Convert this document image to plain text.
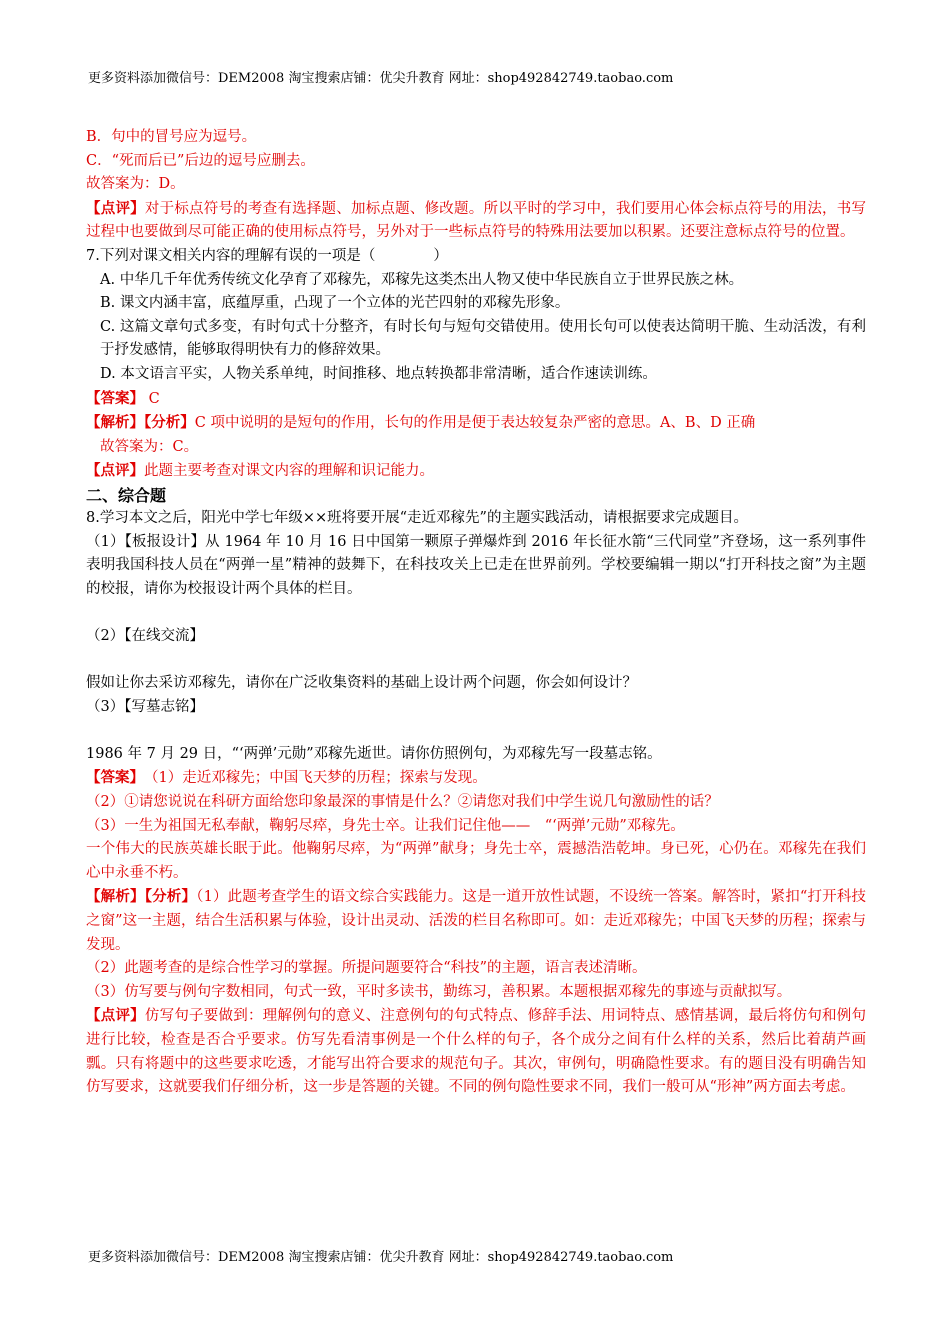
更多资料添加微信号：DEM2008 淘宝搜索店铺：优尖升教育 网址：shop492842749.taobao.com

B．句中的冒号应为逗号。

C．“死而后已”后边的逗号应删去。

故答案为：D。

【点评】对于标点符号的考查有选择题、加标点题、修改题。所以平时的学习中，我们要用心体会标点符号的用法，书写过程中也要做到尽可能正确的使用标点符号，另外对于一些标点符号的特殊用法要加以积累。还要注意标点符号的位置。

7.下列对课文相关内容的理解有误的一项是（　　　　）

A. 中华几千年优秀传统文化孕育了邓稼先，邓稼先这类杰出人物又使中华民族自立于世界民族之林。

B. 课文内涵丰富，底蕴厚重，凸现了一个立体的光芒四射的邓稼先形象。

C. 这篇文章句式多变，有时句式十分整齐，有时长句与短句交错使用。使用长句可以使表达简明干脆、生动活泼，有利于抒发感情，能够取得明快有力的修辞效果。

D. 本文语言平实，人物关系单纯，时间推移、地点转换都非常清晰，适合作速读训练。

【答案】 C

【解析】【分析】C 项中说明的是短句的作用，长句的作用是便于表达较复杂严密的意思。A、B、D 正确

故答案为：C。

【点评】此题主要考查对课文内容的理解和识记能力。

二、综合题

8.学习本文之后，阳光中学七年级××班将要开展“走近邓稼先”的主题实践活动，请根据要求完成题目。

（1）【板报设计】从 1964 年 10 月 16 日中国第一颗原子弹爆炸到 2016 年长征水箭“三代同堂”齐登场，这一系列事件表明我国科技人员在“两弹一星”精神的鼓舞下，在科技攻关上已走在世界前列。学校要编辑一期以“打开科技之窗”为主题的校报，请你为校报设计两个具体的栏目。

（2）【在线交流】

假如让你去采访邓稼先，请你在广泛收集资料的基础上设计两个问题，你会如何设计？

（3）【写墓志铭】

1986 年 7 月 29 日，“‘两弹’元勋”邓稼先逝世。请你仿照例句，为邓稼先写一段墓志铭。

【答案】　（1）走近邓稼先；中国飞天梦的历程；探索与发现。

（2）①请您说说在科研方面给您印象最深的事情是什么？②请您对我们中学生说几句激励性的话？

（3）一生为祖国无私奉献，鞠躬尽瘁，身先士卒。让我们记住他——　“‘两弹’元勋”邓稼先。

一个伟大的民族英雄长眠于此。他鞠躬尽瘁，为“两弹”献身；身先士卒，震撼浩浩乾坤。身已死，心仍在。邓稼先在我们心中永垂不朽。

【解析】【分析】（1）此题考查学生的语文综合实践能力。这是一道开放性试题，不设统一答案。解答时，紧扣“打开科技之窗”这一主题，结合生活积累与体验，设计出灵动、活泼的栏目名称即可。如：走近邓稼先；中国飞天梦的历程；探索与发现。

（2）此题考查的是综合性学习的掌握。所提问题要符合“科技”的主题，语言表述清晰。

（3）仿写要与例句字数相同，句式一致，平时多读书，勤练习，善积累。本题根据邓稼先的事迹与贡献拟写。

【点评】仿写句子要做到：理解例句的意义、注意例句的句式特点、修辞手法、用词特点、感情基调，最后将仿句和例句进行比较，检查是否合乎要求。仿写先看清事例是一个什么样的句子，各个成分之间有什么样的关系，然后比着葫芦画瓢。只有将题中的这些要求吃透，才能写出符合要求的规范句子。其次，审例句，明确隐性要求。有的题目没有明确告知仿写要求，这就要我们仔细分析，这一步是答题的关键。不同的例句隐性要求不同，我们一般可从“形神”两方面去考虑。

更多资料添加微信号：DEM2008 淘宝搜索店铺：优尖升教育 网址：shop492842749.taobao.com
